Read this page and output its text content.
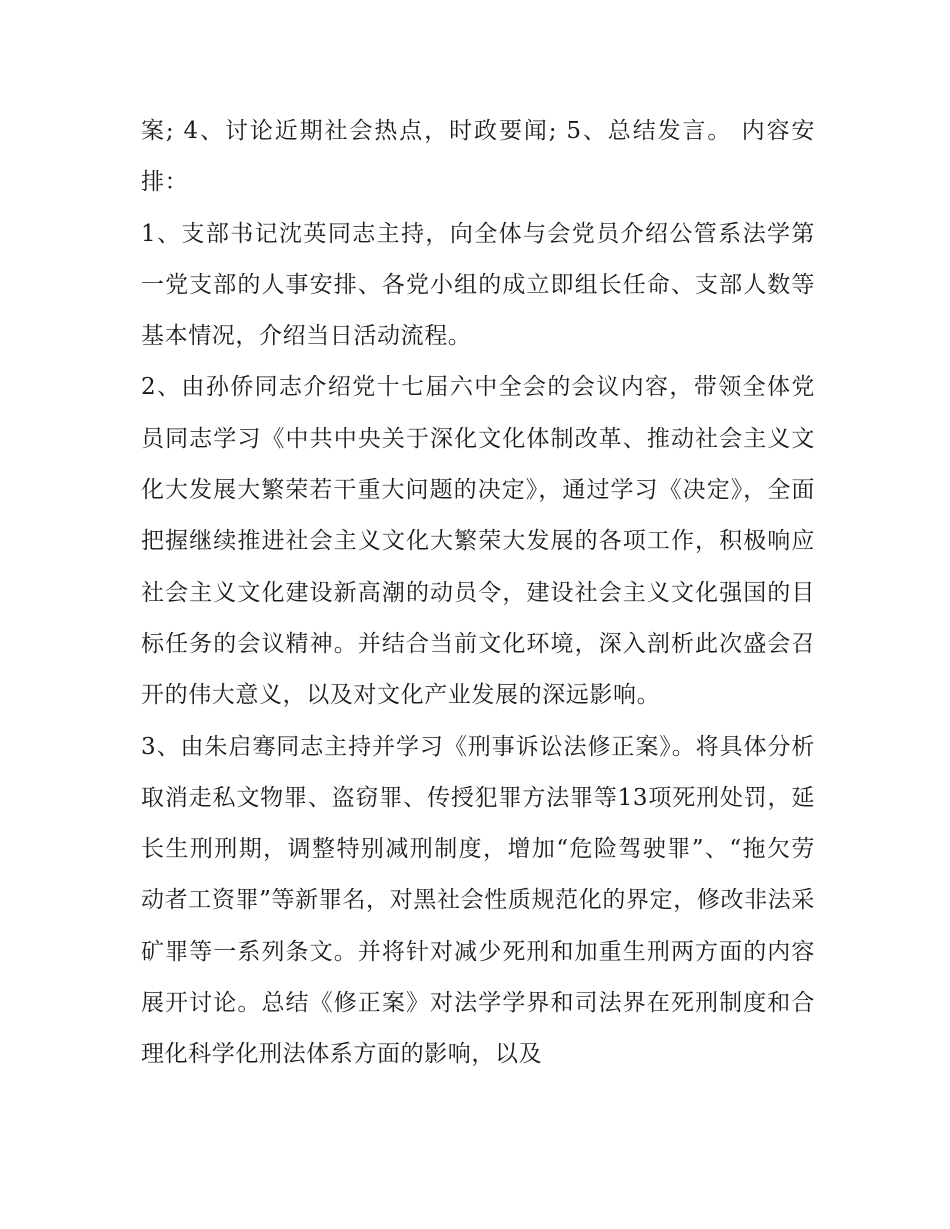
案; 4、讨论近期社会热点，时政要闻; 5、总结发言。 内容安排：

1、支部书记沈英同志主持，向全体与会党员介绍公管系法学第一党支部的人事安排、各党小组的成立即组长任命、支部人数等基本情况，介绍当日活动流程。

2、由孙侨同志介绍党十七届六中全会的会议内容，带领全体党员同志学习《中共中央关于深化文化体制改革、推动社会主义文化大发展大繁荣若干重大问题的决定》，通过学习《决定》，全面把握继续推进社会主义文化大繁荣大发展的各项工作，积极响应社会主义文化建设新高潮的动员令，建设社会主义文化强国的目标任务的会议精神。并结合当前文化环境，深入剖析此次盛会召开的伟大意义，以及对文化产业发展的深远影响。

3、由朱启骞同志主持并学习《刑事诉讼法修正案》。将具体分析取消走私文物罪、盗窃罪、传授犯罪方法罪等13项死刑处罚，延长生刑刑期，调整特别减刑制度，增加“危险驾驶罪”、“拖欠劳动者工资罪”等新罪名，对黑社会性质规范化的界定，修改非法采矿罪等一系列条文。并将针对减少死刑和加重生刑两方面的内容展开讨论。总结《修正案》对法学学界和司法界在死刑制度和合理化科学化刑法体系方面的影响，以及
